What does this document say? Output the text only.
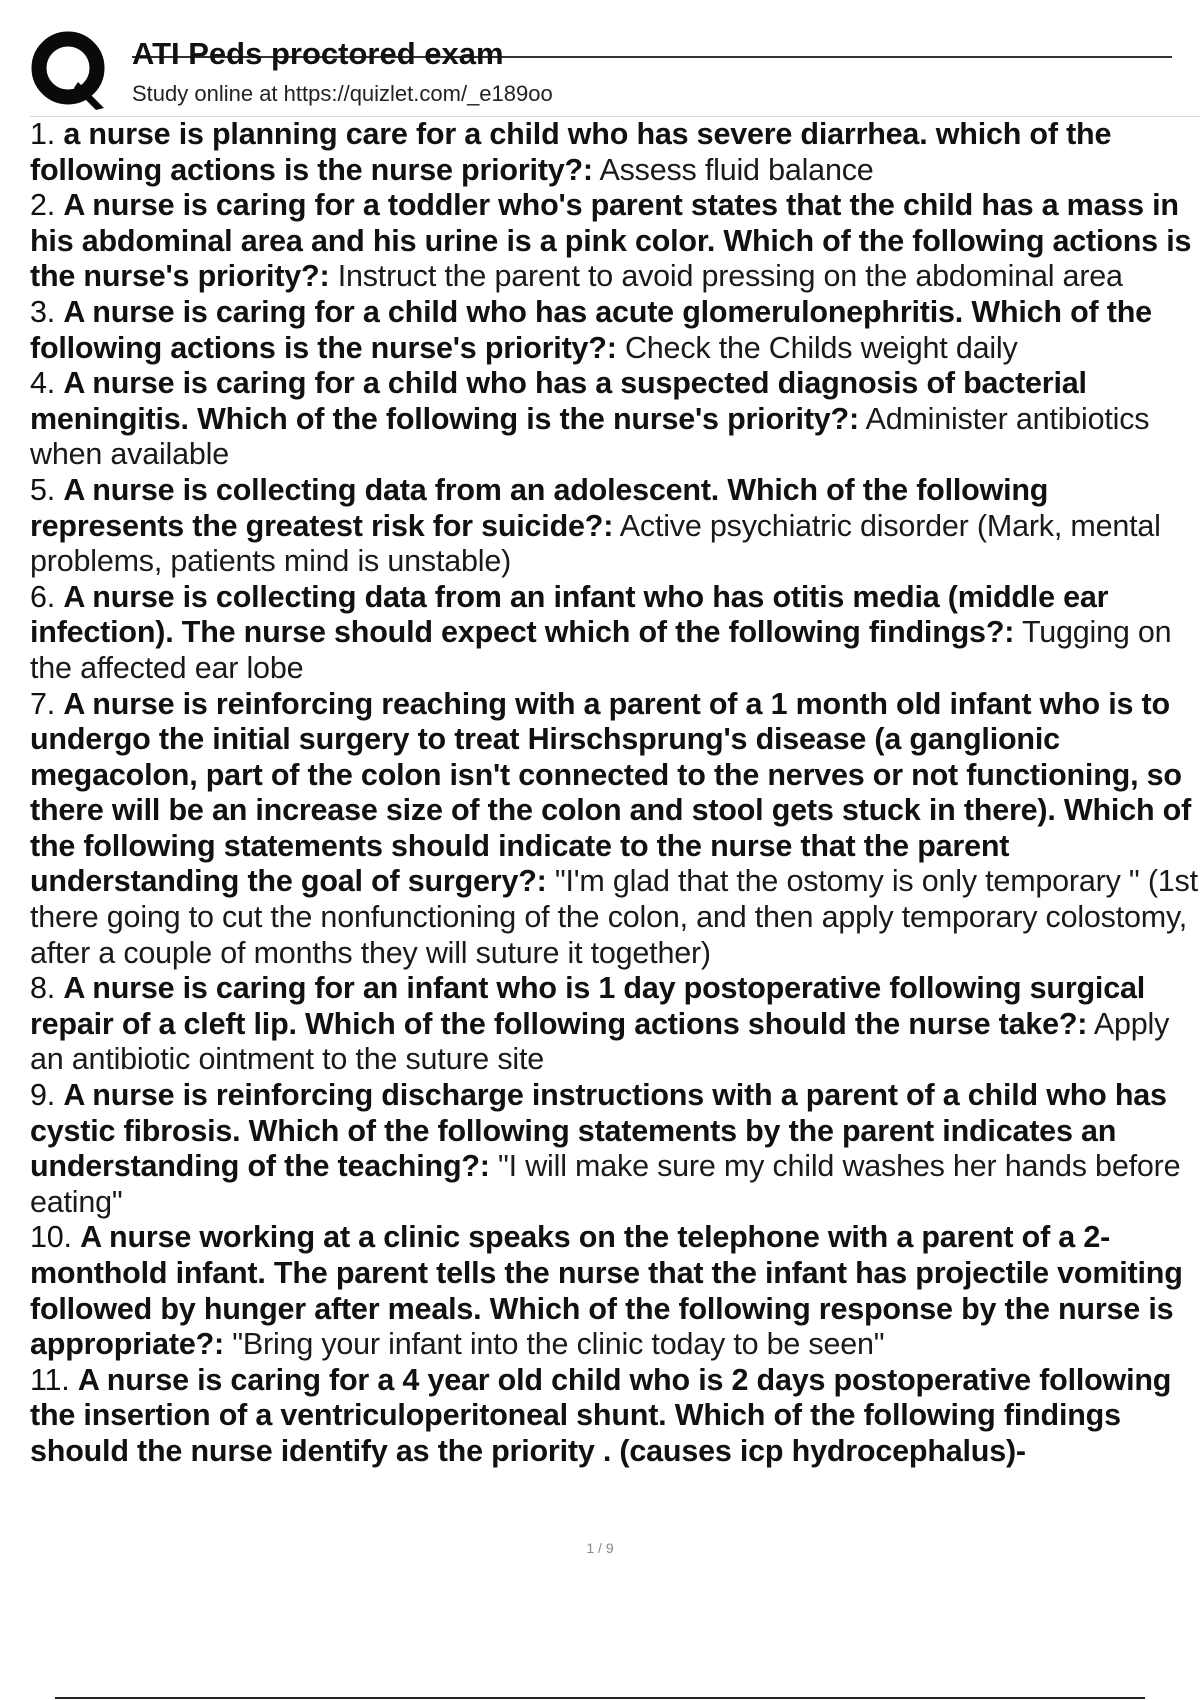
ATI Peds proctored exam
Study online at https://quizlet.com/_e189oo

1. a nurse is planning care for a child who has severe diarrhea. which of the following actions is the nurse priority?: Assess fluid balance

2. A nurse is caring for a toddler who's parent states that the child has a mass in his abdominal area and his urine is a pink color. Which of the following actions is the nurse's priority?: Instruct the parent to avoid pressing on the abdominal area

3. A nurse is caring for a child who has acute glomerulonephritis. Which of the following actions is the nurse's priority?: Check the Childs weight daily

4. A nurse is caring for a child who has a suspected diagnosis of bacterial meningitis. Which of the following is the nurse's priority?: Administer antibiotics when available

5. A nurse is collecting data from an adolescent. Which of the following represents the greatest risk for suicide?: Active psychiatric disorder (Mark, mental problems, patients mind is unstable)

6. A nurse is collecting data from an infant who has otitis media (middle ear infection). The nurse should expect which of the following findings?: Tugging on the affected ear lobe

7. A nurse is reinforcing reaching with a parent of a 1 month old infant who is to undergo the initial surgery to treat Hirschsprung's disease (a ganglionic megacolon, part of the colon isn't connected to the nerves or not functioning, so there will be an increase size of the colon and stool gets stuck in there). Which of the following statements should indicate to the nurse that the parent understanding the goal of surgery?: "I'm glad that the ostomy is only temporary " (1st there going to cut the nonfunctioning of the colon, and then apply temporary colostomy, after a couple of months they will suture it together)

8. A nurse is caring for an infant who is 1 day postoperative following surgical repair of a cleft lip. Which of the following actions should the nurse take?: Apply an antibiotic ointment to the suture site

9. A nurse is reinforcing discharge instructions with a parent of a child who has cystic fibrosis. Which of the following statements by the parent indicates an understanding of the teaching?: "I will make sure my child washes her hands before eating"

10. A nurse working at a clinic speaks on the telephone with a parent of a 2-monthold infant. The parent tells the nurse that the infant has projectile vomiting followed by hunger after meals. Which of the following response by the nurse is appropriate?: "Bring your infant into the clinic today to be seen"

11. A nurse is caring for a 4 year old child who is 2 days postoperative following the insertion of a ventriculoperitoneal shunt. Which of the following findings should the nurse identify as the priority . (causes icp hydrocephalus)-

1 / 9
